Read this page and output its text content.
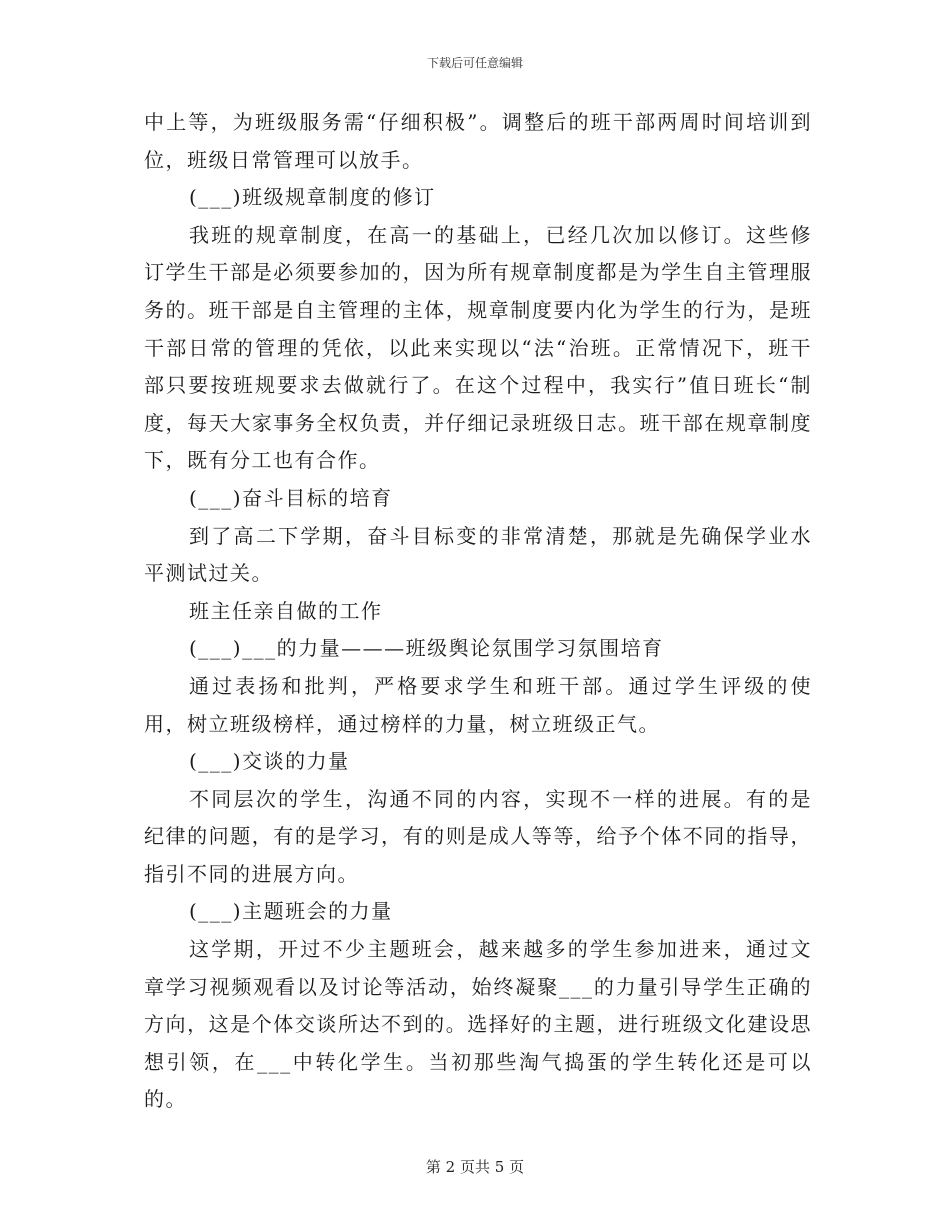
下载后可任意编辑

中上等，为班级服务需“仔细积极”。调整后的班干部两周时间培训到位，班级日常管理可以放手。

(___)班级规章制度的修订

我班的规章制度，在高一的基础上，已经几次加以修订。这些修订学生干部是必须要参加的，因为所有规章制度都是为学生自主管理服务的。班干部是自主管理的主体，规章制度要内化为学生的行为，是班干部日常的管理的凭依，以此来实现以“法“治班。正常情况下，班干部只要按班规要求去做就行了。在这个过程中，我实行”值日班长“制度，每天大家事务全权负责，并仔细记录班级日志。班干部在规章制度下，既有分工也有合作。

(___)奋斗目标的培育

到了高二下学期，奋斗目标变的非常清楚，那就是先确保学业水平测试过关。

班主任亲自做的工作

(___)___的力量———班级舆论氛围学习氛围培育

通过表扬和批判，严格要求学生和班干部。通过学生评级的使用，树立班级榜样，通过榜样的力量，树立班级正气。

(___)交谈的力量

不同层次的学生，沟通不同的内容，实现不一样的进展。有的是纪律的问题，有的是学习，有的则是成人等等，给予个体不同的指导，指引不同的进展方向。

(___)主题班会的力量

这学期，开过不少主题班会，越来越多的学生参加进来，通过文章学习视频观看以及讨论等活动，始终凝聚___的力量引导学生正确的方向，这是个体交谈所达不到的。选择好的主题，进行班级文化建设思想引领，在___中转化学生。当初那些淘气捣蛋的学生转化还是可以的。

第 2 页共 5 页
